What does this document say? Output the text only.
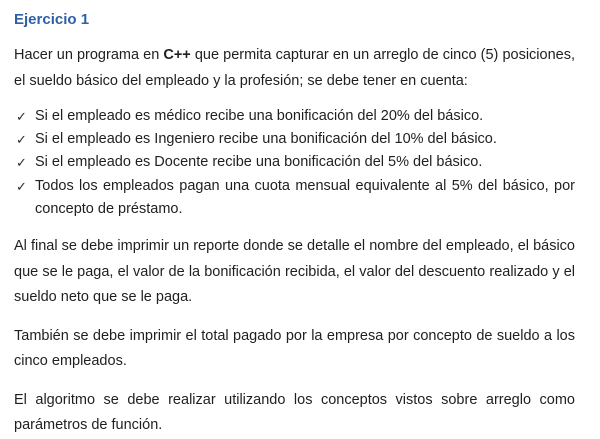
Ejercicio 1

Hacer un programa en C++ que permita capturar en un arreglo de cinco (5) posiciones, el sueldo básico del empleado y la profesión; se debe tener en cuenta:

✓ Si el empleado es médico recibe una bonificación del 20% del básico.
✓ Si el empleado es Ingeniero recibe una bonificación del 10% del básico.
✓ Si el empleado es Docente recibe una bonificación del 5% del básico.
✓ Todos los empleados pagan una cuota mensual equivalente al 5% del básico, por concepto de préstamo.

Al final se debe imprimir un reporte donde se detalle el nombre del empleado, el básico que se le paga, el valor de la bonificación recibida, el valor del descuento realizado y el sueldo neto que se le paga.

También se debe imprimir el total pagado por la empresa por concepto de sueldo a los cinco empleados.

El algoritmo se debe realizar utilizando los conceptos vistos sobre arreglo como parámetros de función.
